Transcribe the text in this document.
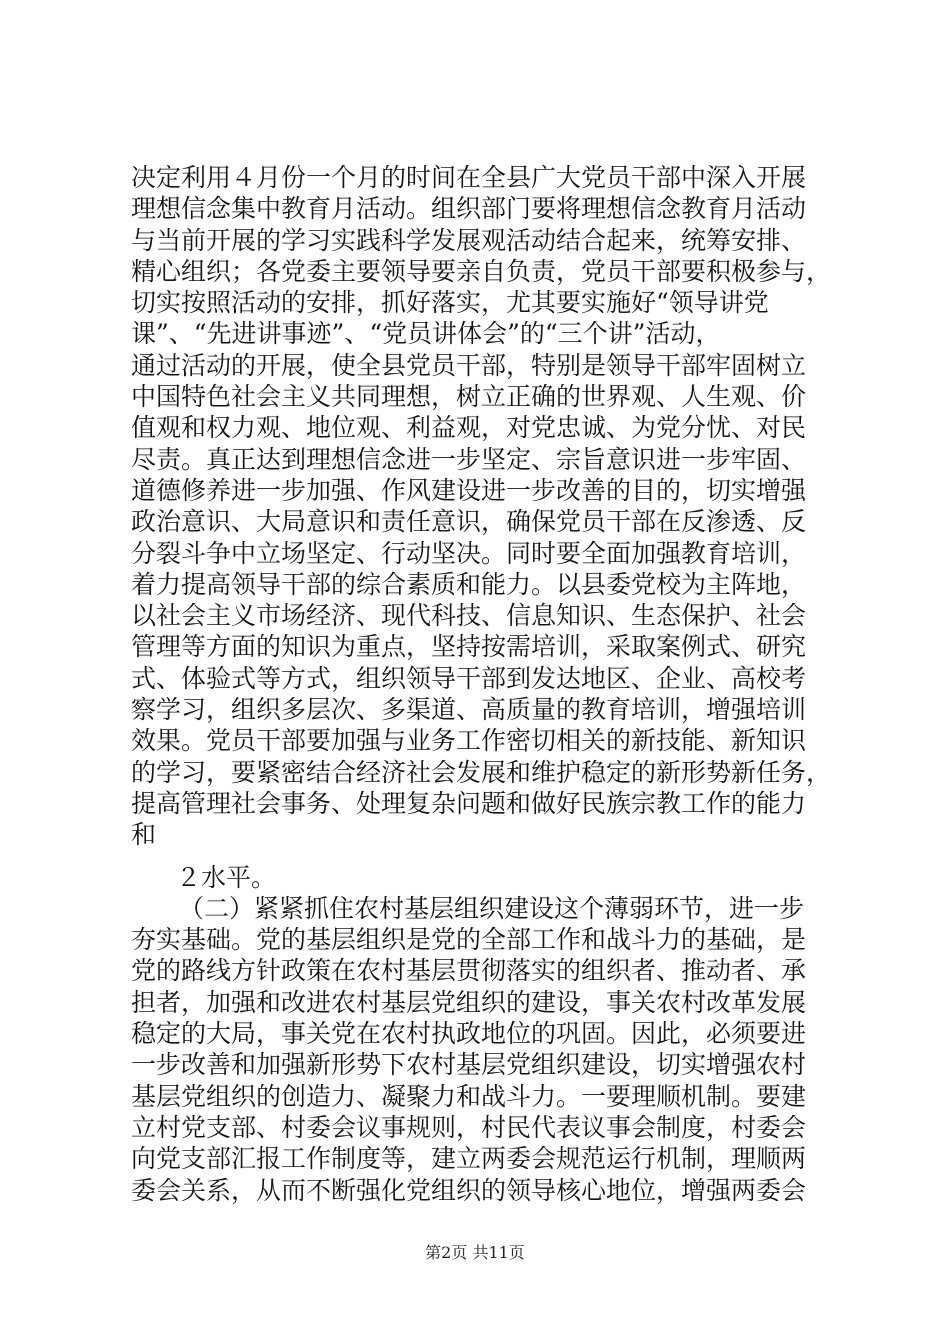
决定利用４月份一个月的时间在全县广大党员干部中深入开展
理想信念集中教育月活动。组织部门要将理想信念教育月活动
与当前开展的学习实践科学发展观活动结合起来，统筹安排、
精心组织；各党委主要领导要亲自负责，党员干部要积极参与，
切实按照活动的安排，抓好落实，尤其要实施好“领导讲党
课”、“先进讲事迹”、“党员讲体会”的“三个讲”活动，
通过活动的开展，使全县党员干部，特别是领导干部牢固树立
中国特色社会主义共同理想，树立正确的世界观、人生观、价
值观和权力观、地位观、利益观，对党忠诚、为党分忧、对民
尽责。真正达到理想信念进一步坚定、宗旨意识进一步牢固、
道德修养进一步加强、作风建设进一步改善的目的，切实增强
政治意识、大局意识和责任意识，确保党员干部在反渗透、反
分裂斗争中立场坚定、行动坚决。同时要全面加强教育培训，
着力提高领导干部的综合素质和能力。以县委党校为主阵地，
以社会主义市场经济、现代科技、信息知识、生态保护、社会
管理等方面的知识为重点，坚持按需培训，采取案例式、研究
式、体验式等方式，组织领导干部到发达地区、企业、高校考
察学习，组织多层次、多渠道、高质量的教育培训，增强培训
效果。党员干部要加强与业务工作密切相关的新技能、新知识
的学习，要紧密结合经济社会发展和维护稳定的新形势新任务，
提高管理社会事务、处理复杂问题和做好民族宗教工作的能力
和
２水平。
（二）紧紧抓住农村基层组织建设这个薄弱环节，进一步
夯实基础。党的基层组织是党的全部工作和战斗力的基础，是
党的路线方针政策在农村基层贯彻落实的组织者、推动者、承
担者，加强和改进农村基层党组织的建设，事关农村改革发展
稳定的大局，事关党在农村执政地位的巩固。因此，必须要进
一步改善和加强新形势下农村基层党组织建设，切实增强农村
基层党组织的创造力、凝聚力和战斗力。一要理顺机制。要建
立村党支部、村委会议事规则，村民代表议事会制度，村委会
向党支部汇报工作制度等，建立两委会规范运行机制，理顺两
委会关系，从而不断强化党组织的领导核心地位，增强两委会
第2页 共11页
